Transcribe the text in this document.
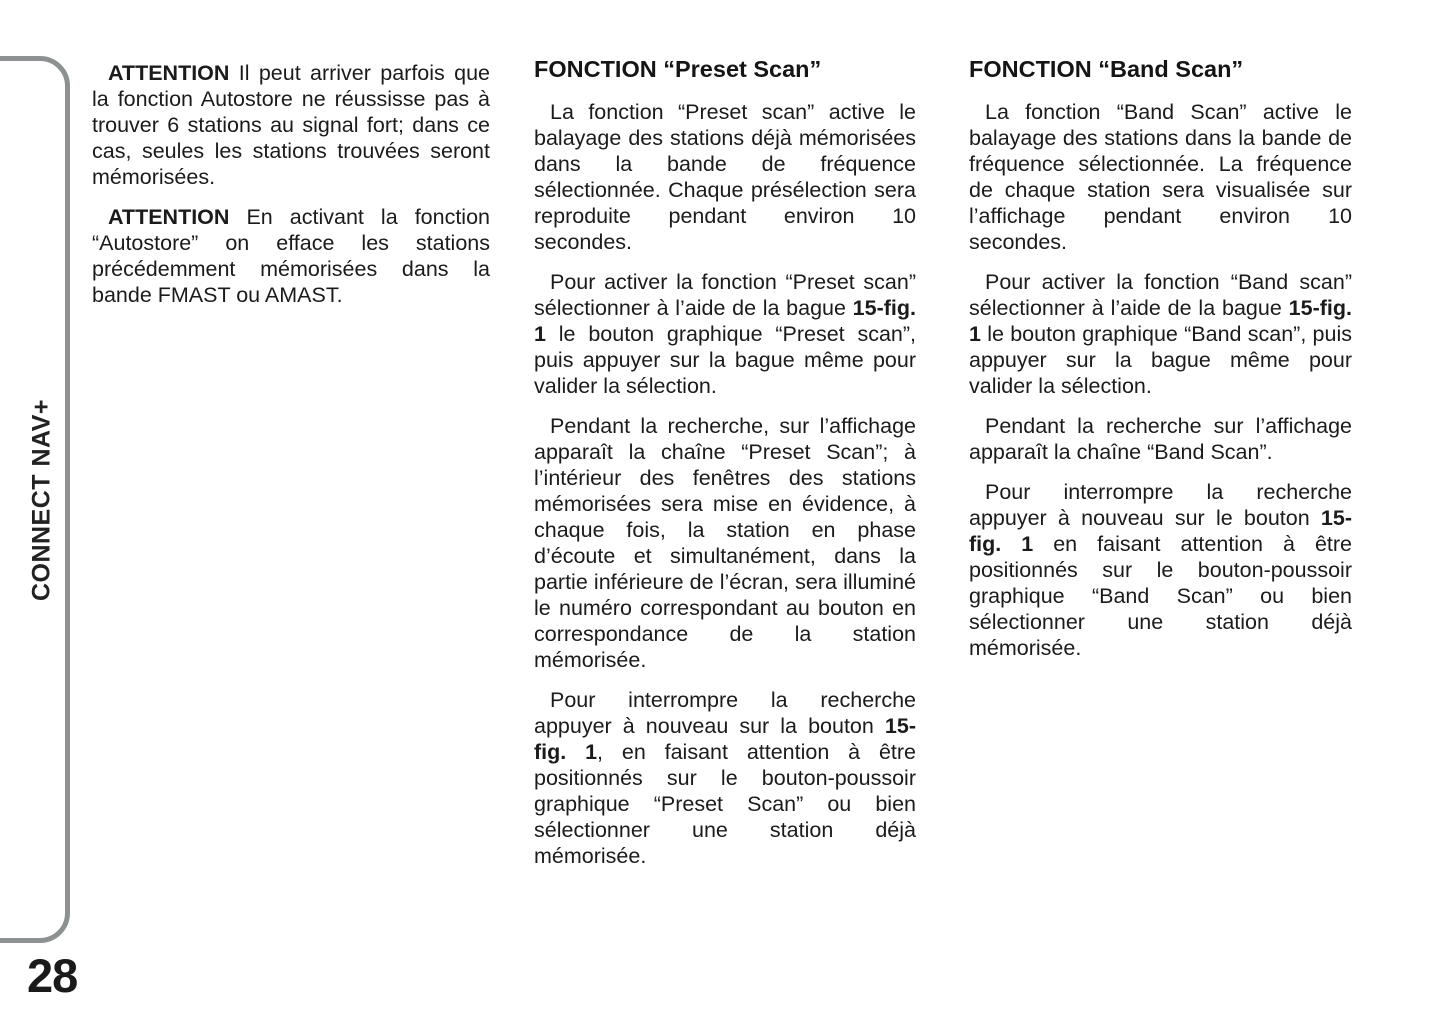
CONNECT NAV+
28

ATTENTION Il peut arriver parfois que la fonction Autostore ne réussisse pas à trouver 6 stations au signal fort; dans ce cas, seules les stations trouvées seront mémorisées.

ATTENTION En activant la fonction “Autostore” on efface les stations précédemment mémorisées dans la bande FMAST ou AMAST.

FONCTION “Preset Scan”

La fonction “Preset scan” active le balayage des stations déjà mémorisées dans la bande de fréquence sélectionnée. Chaque présélection sera reproduite pendant environ 10 secondes.

Pour activer la fonction “Preset scan” sélectionner à l’aide de la bague 15-fig. 1 le bouton graphique “Preset scan”, puis appuyer sur la bague même pour valider la sélection.

Pendant la recherche, sur l’affichage apparaît la chaîne “Preset Scan”; à l’intérieur des fenêtres des stations mémorisées sera mise en évidence, à chaque fois, la station en phase d’écoute et simultanément, dans la partie inférieure de l’écran, sera illuminé le numéro correspondant au bouton en correspondance de la station mémorisée.

Pour interrompre la recherche appuyer à nouveau sur la bouton 15-fig. 1, en faisant attention à être positionnés sur le bouton-poussoir graphique “Preset Scan” ou bien sélectionner une station déjà mémorisée.

FONCTION “Band Scan”

La fonction “Band Scan” active le balayage des stations dans la bande de fréquence sélectionnée. La fréquence de chaque station sera visualisée sur l’affichage pendant environ 10 secondes.

Pour activer la fonction “Band scan” sélectionner à l’aide de la bague 15-fig. 1 le bouton graphique “Band scan”, puis appuyer sur la bague même pour valider la sélection.

Pendant la recherche sur l’affichage apparaît la chaîne “Band Scan”.

Pour interrompre la recherche appuyer à nouveau sur le bouton 15-fig. 1 en faisant attention à être positionnés sur le bouton-poussoir graphique “Band Scan” ou bien sélectionner une station déjà mémorisée.
